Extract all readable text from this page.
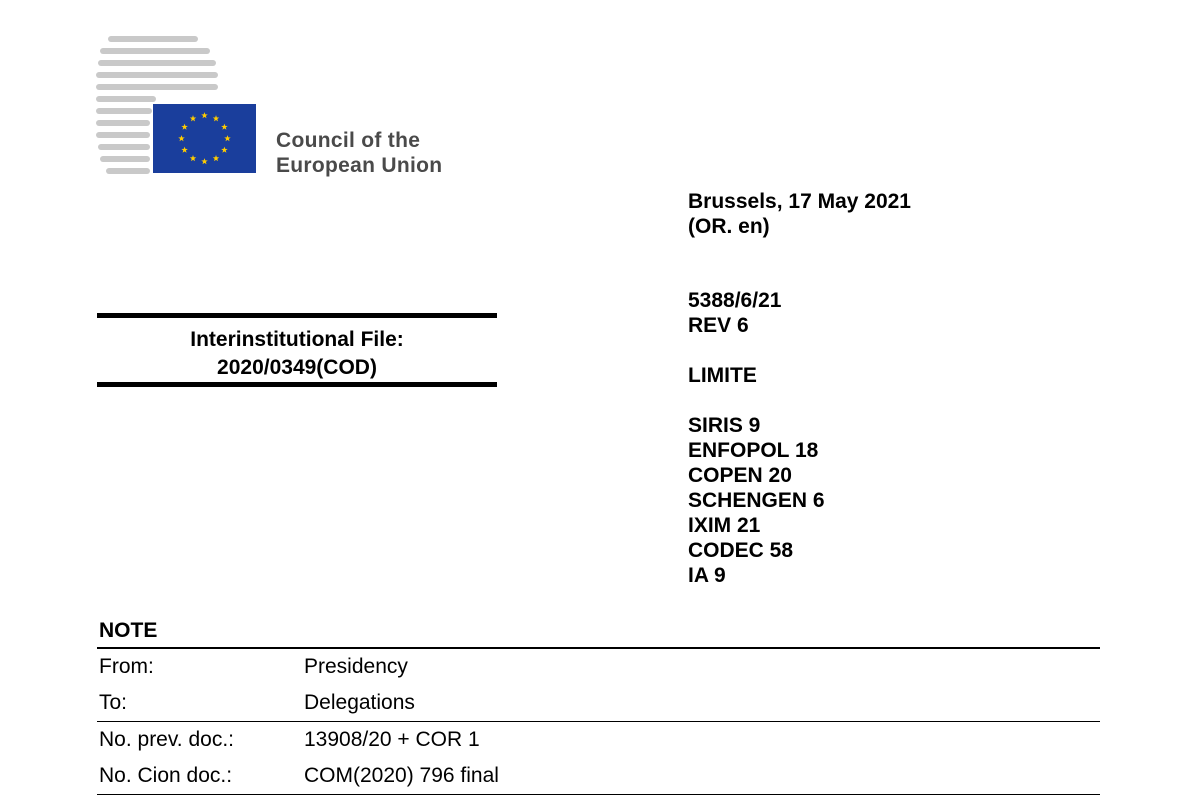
Council of the
European Union
Brussels, 17 May 2021
(OR. en)
5388/6/21
REV 6
LIMITE
SIRIS 9
ENFOPOL 18
COPEN 20
SCHENGEN 6
IXIM 21
CODEC 58
IA 9
Interinstitutional File:
2020/0349(COD)
NOTE
From:	Presidency
To:	Delegations
No. prev. doc.:	13908/20 + COR 1
No. Cion doc.:	COM(2020) 796 final
